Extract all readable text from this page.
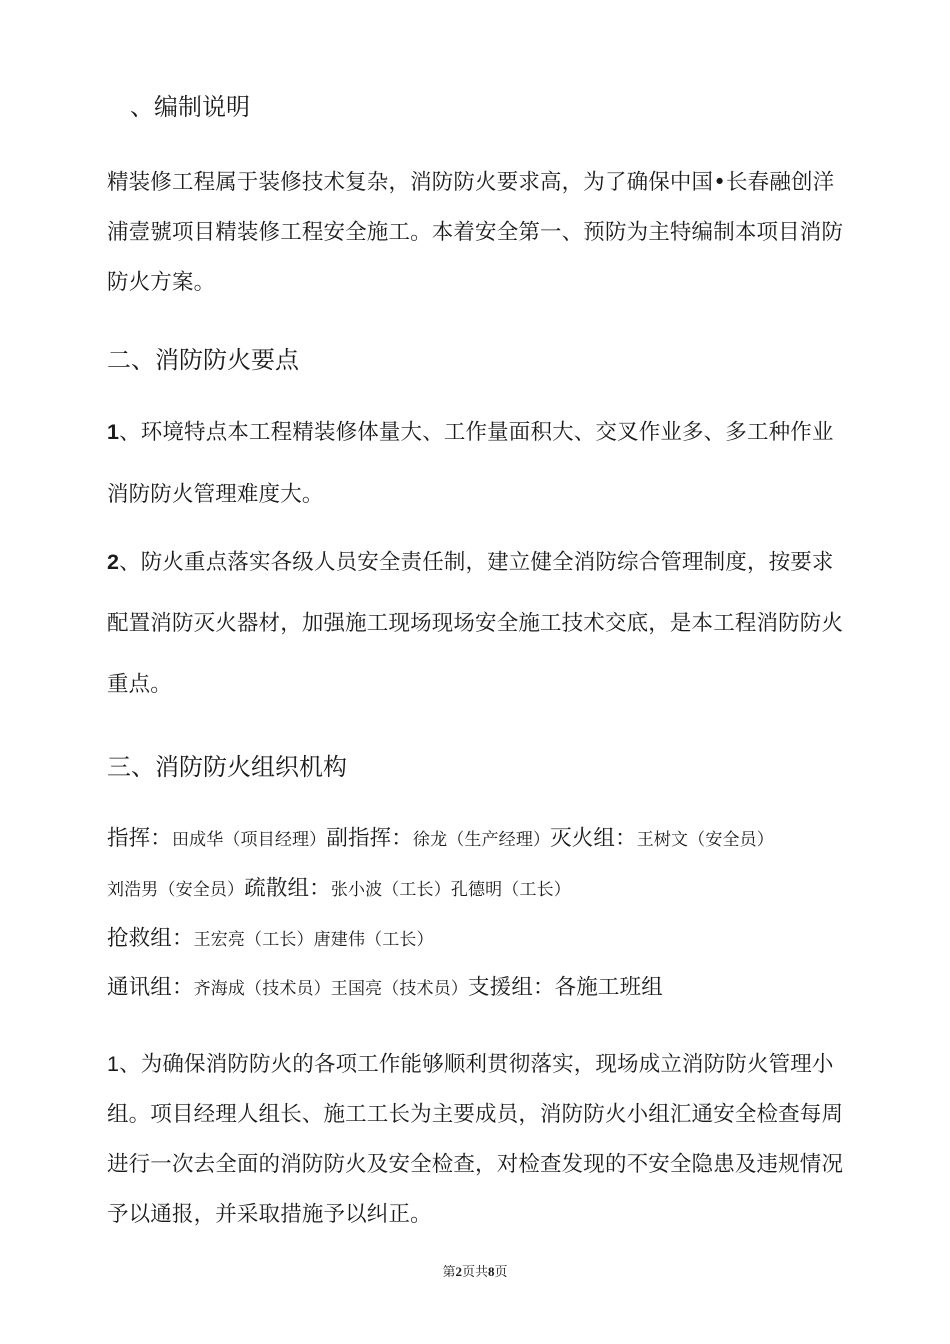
、编制说明
精装修工程属于装修技术复杂，消防防火要求高，为了确保中国•长春融创洋
浦壹號项目精装修工程安全施工。本着安全第一、预防为主特编制本项目消防
防火方案。
二、消防防火要点
1、环境特点本工程精装修体量大、工作量面积大、交叉作业多、多工种作业
消防防火管理难度大。
2、防火重点落实各级人员安全责任制，建立健全消防综合管理制度，按要求
配置消防灭火器材，加强施工现场现场安全施工技术交底，是本工程消防防火
重点。
三、消防防火组织机构
指挥：田成华（项目经理）副指挥：徐龙（生产经理）灭火组：王树文（安全员）
刘浩男（安全员）疏散组：张小波（工长）孔德明（工长）
抢救组：王宏亮（工长）唐建伟（工长）
通讯组：齐海成（技术员）王国亮（技术员）支援组：各施工班组
1、为确保消防防火的各项工作能够顺利贯彻落实，现场成立消防防火管理小
组。项目经理人组长、施工工长为主要成员，消防防火小组汇通安全检查每周
进行一次去全面的消防防火及安全检查，对检查发现的不安全隐患及违规情况
予以通报，并采取措施予以纠正。
第2页共8页
